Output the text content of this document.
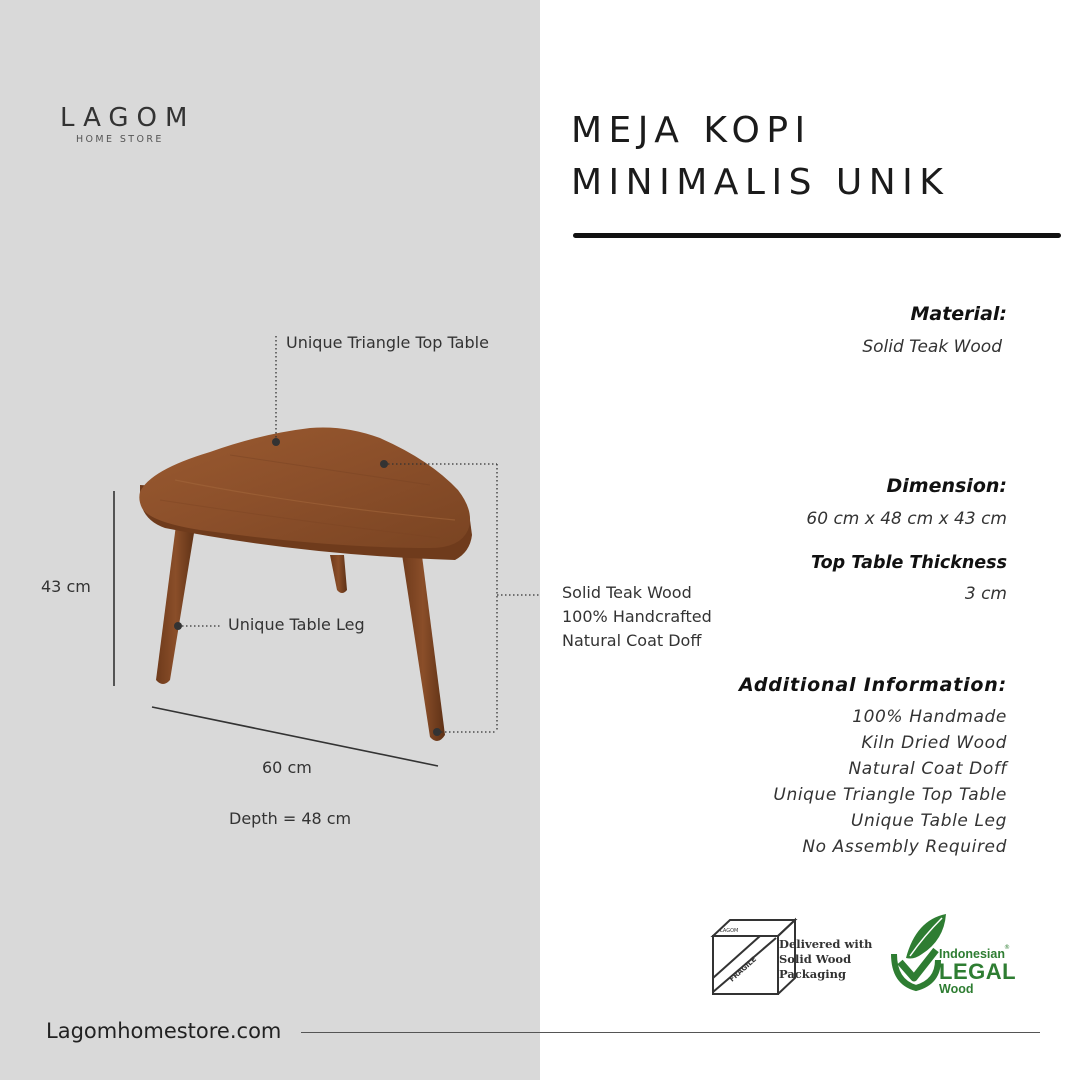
LAGOM
HOME STORE	MEJA KOPI
MINIMALIS UNIK
Material:
Solid Teak Wood
Dimension:
60 cm x 48 cm x 43 cm
Top Table Thickness
3 cm
Additional Information:
100% Handmade
Kiln Dried Wood
Natural Coat Doff
Unique Triangle Top Table
Unique Table Leg
No Assembly Required
Unique Triangle Top Table
Unique Table Leg
Solid Teak Wood
100% Handcrafted
Natural Coat Doff
43 cm
60 cm
Depth = 48 cm
LAGOM
FRAGILE
Delivered with
Solid Wood
Packaging
Indonesian
LEGAL
Wood
®
Lagomhomestore.com
